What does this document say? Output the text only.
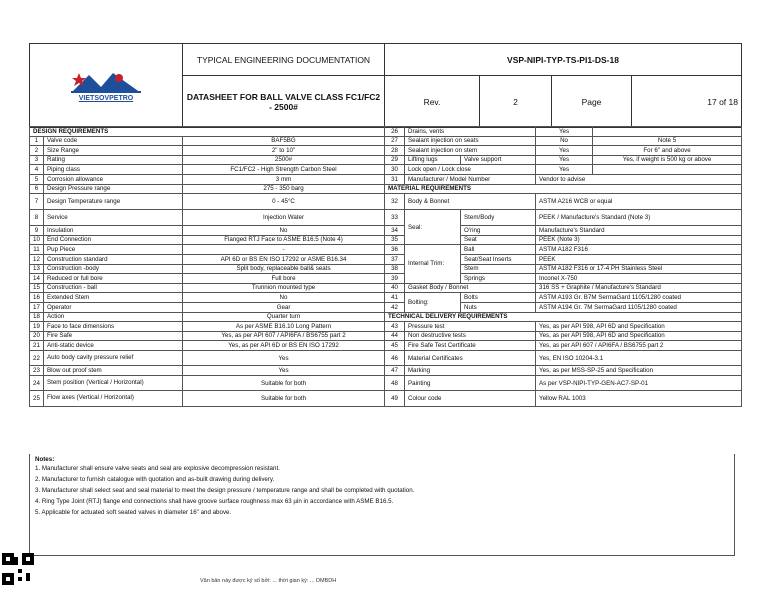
VIETSOVPETRO	TYPICAL ENGINEERING DOCUMENTATION	VSP-NIPI-TYP-TS-PI1-DS-18			
	DATASHEET FOR BALL VALVE CLASS FC1/FC2 - 2500#	Rev.	2	Page	17 of 18
DESIGN REQUIREMENTS			26	Drains, vents		Yes	
1	Valve code	BAF5BG	27	Sealant injection on seats		No	Note 5
2	Size Range	2" to 10"	28	Sealant injection on stem		Yes	For 6" and above
3	Rating	2500#	29	Lifting lugs	Valve support	Yes	Yes, if weight is 500 kg or above
4	Piping class	FC1/FC2 - High Strength Carbon Steel	30	Lock open / Lock close		Yes	
5	Corrosion allowance	3 mm	31	Manufacturer / Model Number		Vendor to advise	
6	Design Pressure range	275 - 350 barg	MATERIAL REQUIREMENTS				
7	Design Temperature range	0 - 45°C	32	Body & Bonnet		ASTM A216 WCB or equal	
8	Service	Injection Water	33	Seal:	Stem/Body	PEEK / Manufacture's Standard (Note 3)	
9	Insulation	No	34		O'ring	Manufacture's Standard	
10	End Connection	Flanged RTJ Face to ASME B16.5 (Note 4)	35		Seat	PEEK (Note 3)	
11	Pup Piece	-	36	Internal Trim:	Ball	ASTM A182 F316	
12	Construction standard	API 6D or BS EN ISO 17292 or ASME B16.34	37		Seat/Seat Inserts	PEEK	
13	Construction -body	Split body, replaceable ball& seats	38		Stem	ASTM A182 F316 or 17-4 PH Stainless Steel	
14	Reduced or full bore	Full bore	39		Springs	Inconel X-750	
15	Construction - ball	Trunnion mounted type	40	Gasket Body / Bonnet		316 SS + Graphite / Manufacture's Standard	
16	Extended Stem	No	41	Bolting:	Bolts	ASTM A193 Gr. B7M SermaGard 1105/1280 coated	
17	Operator	Gear	42		Nuts	ASTM A194 Gr. 7M SermaGard 1105/1280 coated	
18	Action	Quarter turn	TECHNICAL DELIVERY REQUIREMENTS				
19	Face to face dimensions	As per ASME B16.10 Long Pattern	43	Pressure test		Yes, as per API 598, API 6D and Specification	
20	Fire Safe	Yes, as per API 607 / API6FA / BS6755 part 2	44	Non destructive tests		Yes, as per API 598, API 6D and Specification	
21	Anti-static device	Yes, as per API 6D or BS EN ISO 17292	45	Fire Safe Test Certificate		Yes, as per API 607 / API6FA / BS6755 part 2	
22	Auto body cavity pressure relief	Yes	46	Material Certificates		Yes, EN ISO 10204-3.1	
23	Blow out proof stem	Yes	47	Marking		Yes, as per MSS-SP-25 and Specification	
24	Stem position (Vertical / Horizontal)	Suitable for both	48	Painting		As per VSP-NIPI-TYP-GEN-AC7-SP-01	
25	Flow axes (Vertical / Horizontal)	Suitable for both	49	Colour code		Yellow RAL 1003	
Notes:
1. Manufacturer shall ensure valve seats and seal are explosive decompression resistant.
2. Manufacturer to furnish catalogue with quotation and as-built drawing during delivery.
3. Manufacturer shall select seat and seal material to meet the design pressure / temperature range and shall be completed with quotation.
4. Ring Type Joint (RTJ) flange end connections shall have groove surface roughness max 63 µin in accordance with ASME B16.5.
5. Applicable for actuated soft seated valves in diameter 16" and above.
Văn bản này được ký số bởi: ... thời gian ký: ... DMBDH
